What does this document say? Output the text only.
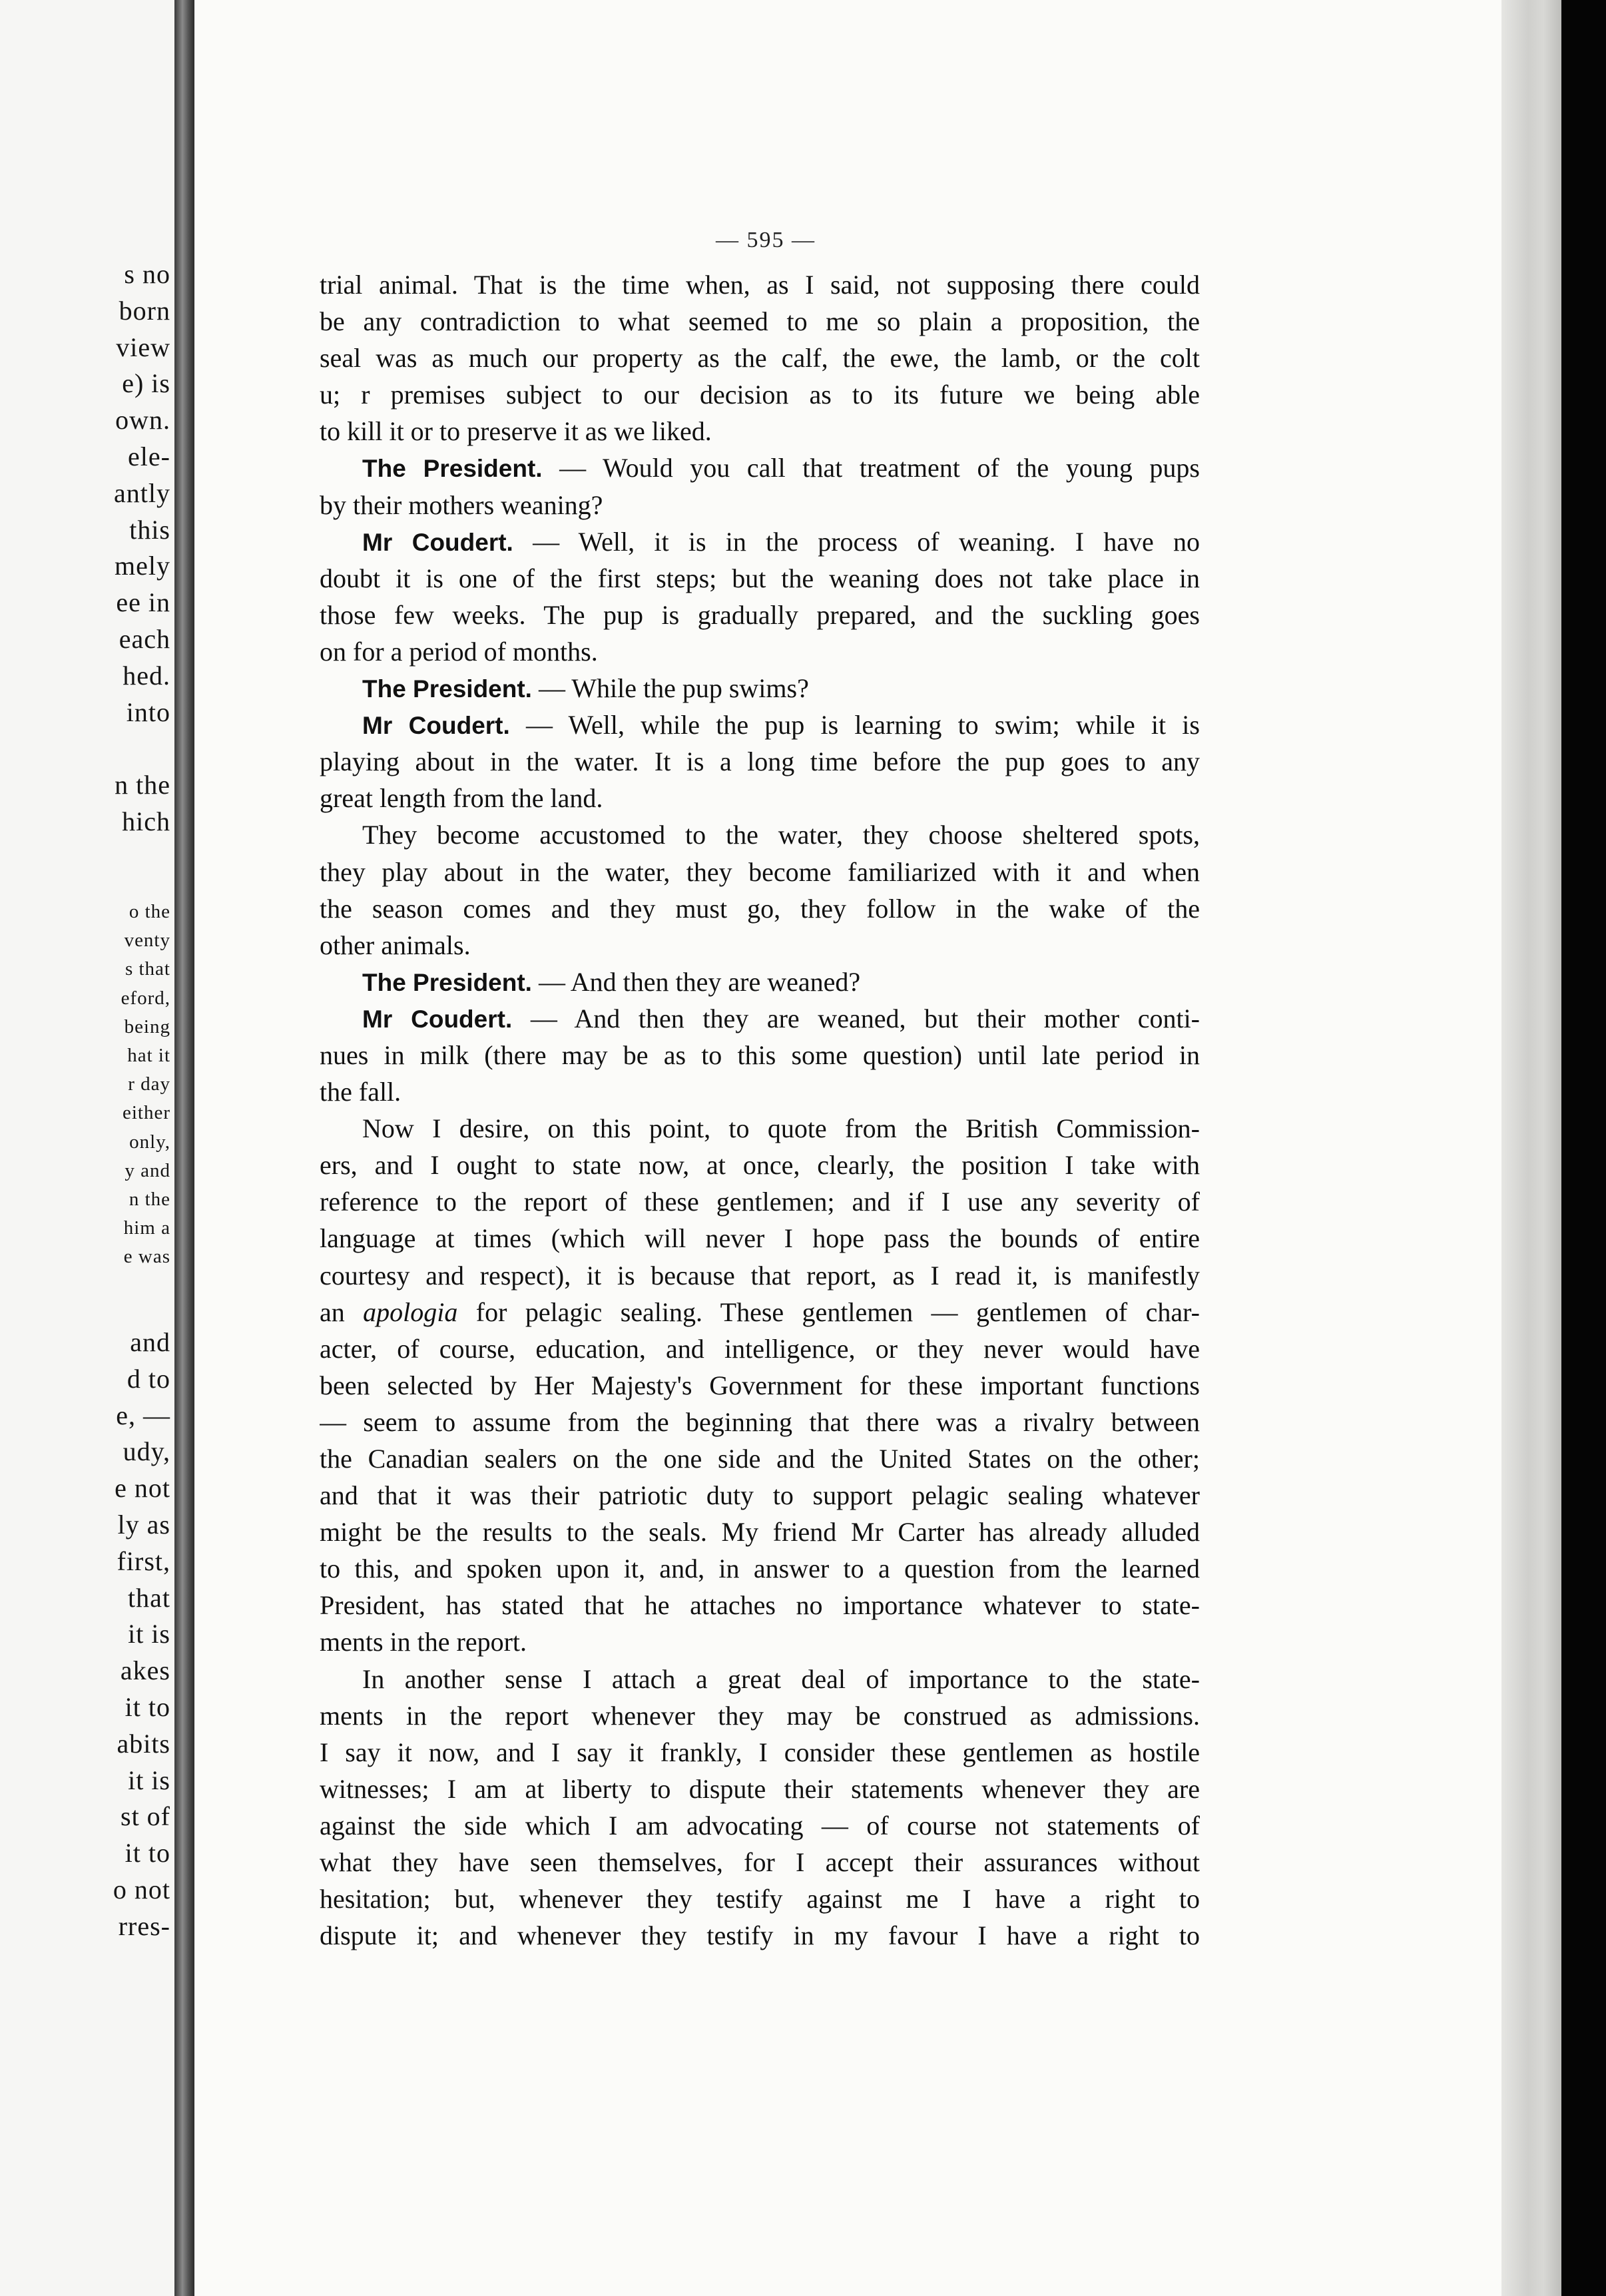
s no
born
view
e) is
own.
ele-
antly
this
mely
ee in
each
hed.
into
n the
hich
o the
venty
s that
eford,
being
hat it
r day
either
only,
y and
n the
him a
e was
and
d to
e, —
udy,
e not
ly as
first,
that
it is
akes
it to
abits
it is
st of
it to
o not
rres-
— 595 —
trial animal. That is the time when, as I said, not supposing there could
be any contradiction to what seemed to me so plain a proposition, the
seal was as much our property as the calf, the ewe, the lamb, or the colt
u; r premises subject to our decision as to its future we being able
to kill it or to preserve it as we liked.
The President. — Would you call that treatment of the young pups
by their mothers weaning?
Mr Coudert. — Well, it is in the process of weaning. I have no
doubt it is one of the first steps; but the weaning does not take place in
those few weeks. The pup is gradually prepared, and the suckling goes
on for a period of months.
The President. — While the pup swims?
Mr Coudert. — Well, while the pup is learning to swim; while it is
playing about in the water. It is a long time before the pup goes to any
great length from the land.
They become accustomed to the water, they choose sheltered spots,
they play about in the water, they become familiarized with it and when
the season comes and they must go, they follow in the wake of the
other animals.
The President. — And then they are weaned?
Mr Coudert. — And then they are weaned, but their mother conti-
nues in milk (there may be as to this some question) until late period in
the fall.
Now I desire, on this point, to quote from the British Commission-
ers, and I ought to state now, at once, clearly, the position I take with
reference to the report of these gentlemen; and if I use any severity of
language at times (which will never I hope pass the bounds of entire
courtesy and respect), it is because that report, as I read it, is manifestly
an apologia for pelagic sealing. These gentlemen — gentlemen of char-
acter, of course, education, and intelligence, or they never would have
been selected by Her Majesty's Government for these important functions
— seem to assume from the beginning that there was a rivalry between
the Canadian sealers on the one side and the United States on the other;
and that it was their patriotic duty to support pelagic sealing whatever
might be the results to the seals. My friend Mr Carter has already alluded
to this, and spoken upon it, and, in answer to a question from the learned
President, has stated that he attaches no importance whatever to state-
ments in the report.
In another sense I attach a great deal of importance to the state-
ments in the report whenever they may be construed as admissions.
I say it now, and I say it frankly, I consider these gentlemen as hostile
witnesses; I am at liberty to dispute their statements whenever they are
against the side which I am advocating — of course not statements of
what they have seen themselves, for I accept their assurances without
hesitation; but, whenever they testify against me I have a right to
dispute it; and whenever they testify in my favour I have a right to
